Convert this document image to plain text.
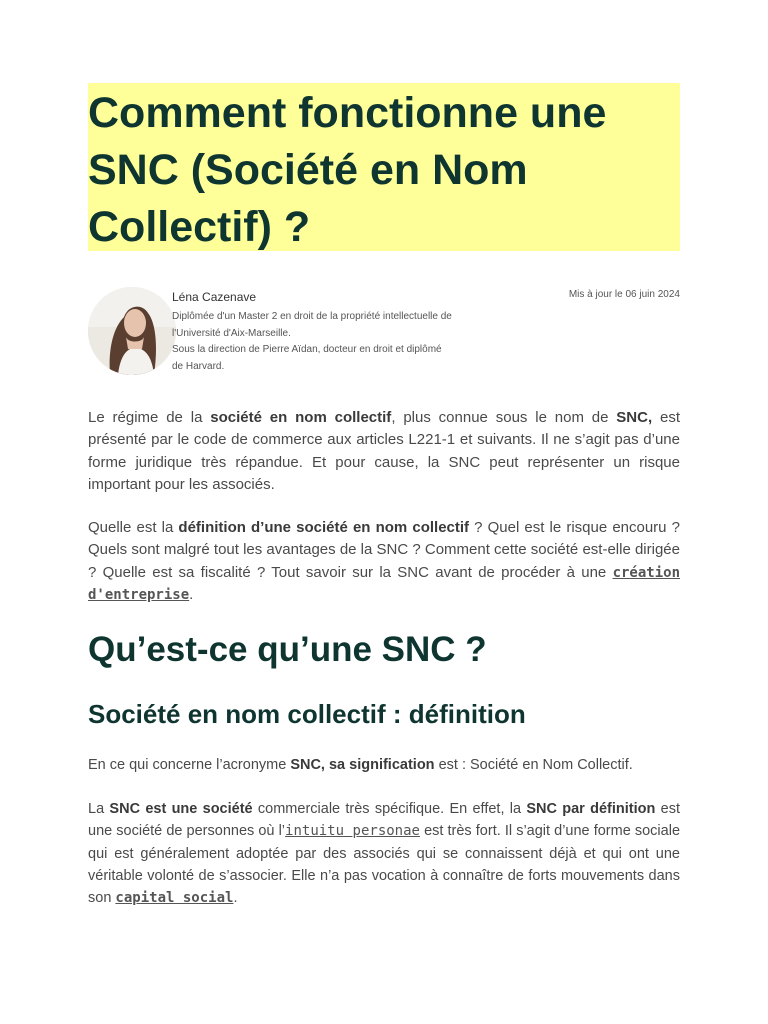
Comment fonctionne une SNC (Société en Nom Collectif) ?
Léna Cazenave
Diplômée d'un Master 2 en droit de la propriété intellectuelle de
l'Université d'Aix-Marseille.
Sous la direction de Pierre Aïdan, docteur en droit et diplômé
de Harvard.
Mis à jour le 06 juin 2024

Le régime de la société en nom collectif, plus connue sous le nom de SNC, est présenté par le code de commerce aux articles L221-1 et suivants. Il ne s’agit pas d’une forme juridique très répandue. Et pour cause, la SNC peut représenter un risque important pour les associés.

Quelle est la définition d’une société en nom collectif ? Quel est le risque encouru ? Quels sont malgré tout les avantages de la SNC ? Comment cette société est-elle dirigée ? Quelle est sa fiscalité ? Tout savoir sur la SNC avant de procéder à une création d'entreprise.

Qu’est-ce qu’une SNC ?
Société en nom collectif : définition

En ce qui concerne l’acronyme SNC, sa signification est : Société en Nom Collectif.

La SNC est une société commerciale très spécifique. En effet, la SNC par définition est une société de personnes où l’intuitu personae est très fort. Il s’agit d’une forme sociale qui est généralement adoptée par des associés qui se connaissent déjà et qui ont une véritable volonté de s’associer. Elle n’a pas vocation à connaître de forts mouvements dans son capital social.
